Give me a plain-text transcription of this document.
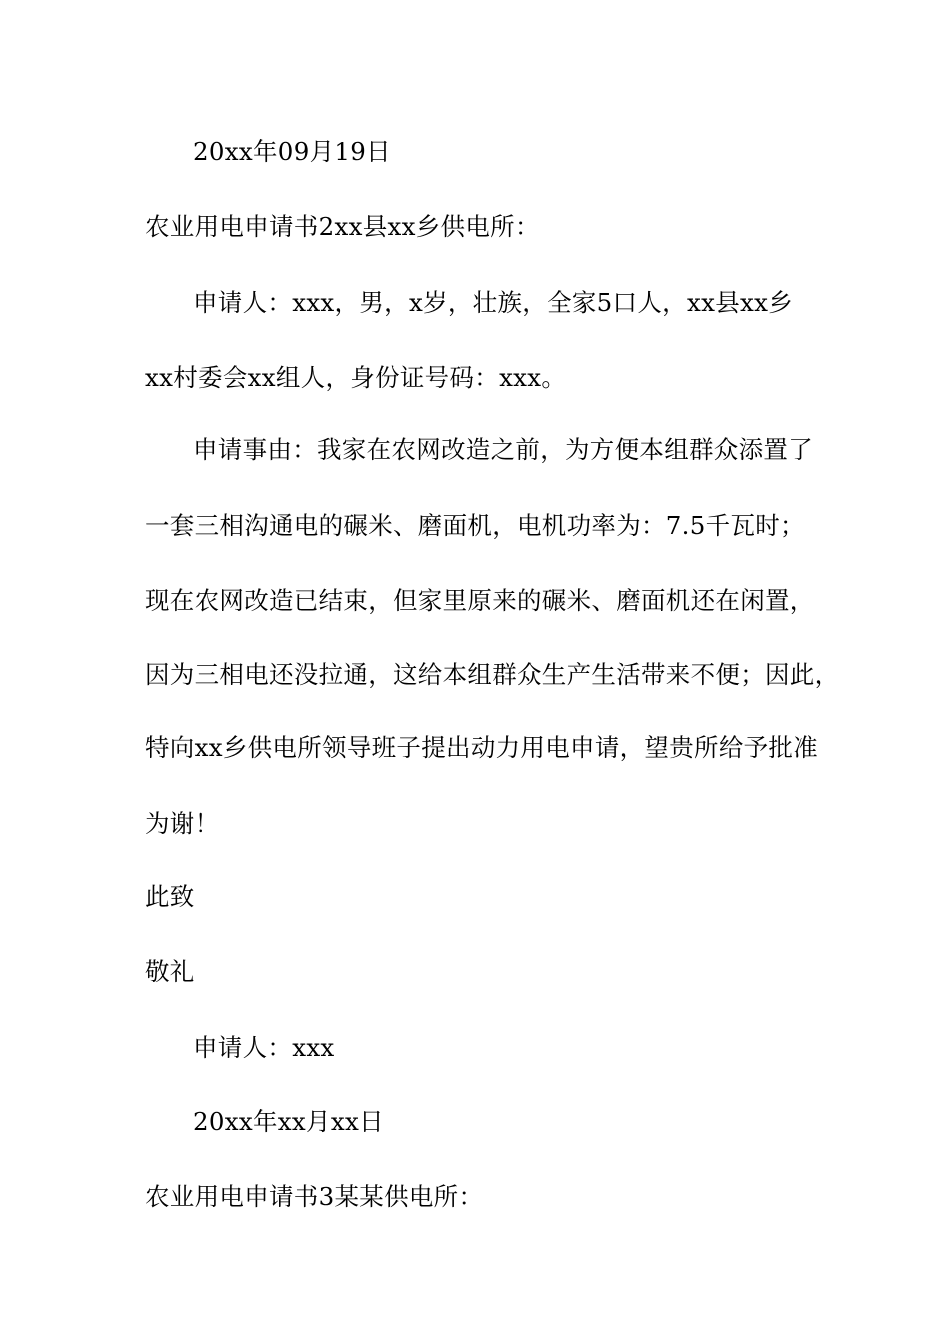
20xx年09月19日
农业用电申请书2xx县xx乡供电所：
申请人：xxx，男，x岁，壮族，全家5口人，xx县xx乡
xx村委会xx组人，身份证号码：xxx。
申请事由：我家在农网改造之前，为方便本组群众添置了
一套三相沟通电的碾米、磨面机，电机功率为：7.5千瓦时；
现在农网改造已结束，但家里原来的碾米、磨面机还在闲置，
因为三相电还没拉通，这给本组群众生产生活带来不便；因此，
特向xx乡供电所领导班子提出动力用电申请，望贵所给予批准
为谢！
此致
敬礼
申请人：xxx
20xx年xx月xx日
农业用电申请书3某某供电所：
